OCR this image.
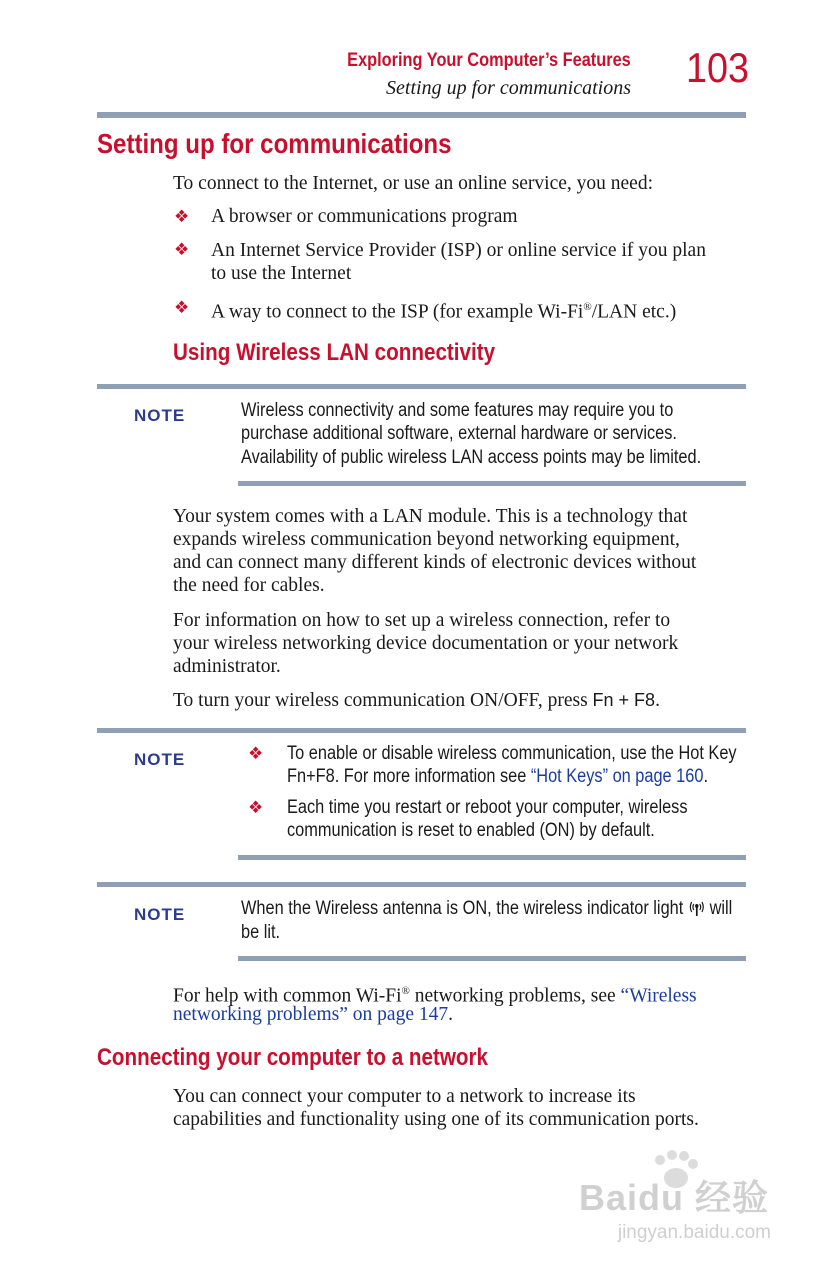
Exploring Your Computer’s Features
Setting up for communications 103
Setting up for communications
To connect to the Internet, or use an online service, you need:
❖ A browser or communications program
❖ An Internet Service Provider (ISP) or online service if you plan
to use the Internet
❖ A way to connect to the ISP (for example Wi-Fi®/LAN etc.)
Using Wireless LAN connectivity
NOTE	Wireless connectivity and some features may require you to
purchase additional software, external hardware or services.
Availability of public wireless LAN access points may be limited.
Your system comes with a LAN module. This is a technology that
expands wireless communication beyond networking equipment,
and can connect many different kinds of electronic devices without
the need for cables.
For information on how to set up a wireless connection, refer to
your wireless networking device documentation or your network
administrator.
To turn your wireless communication ON/OFF, press Fn + F8.
NOTE	❖ To enable or disable wireless communication, use the Hot Key
Fn+F8. For more information see “Hot Keys” on page 160.
❖ Each time you restart or reboot your computer, wireless
communication is reset to enabled (ON) by default.
NOTE	When the Wireless antenna is ON, the wireless indicator light will
be lit.
For help with common Wi-Fi® networking problems, see “Wireless
networking problems” on page 147.
Connecting your computer to a network
You can connect your computer to a network to increase its
capabilities and functionality using one of its communication ports.
Baidu 经验
jingyan.baidu.com
